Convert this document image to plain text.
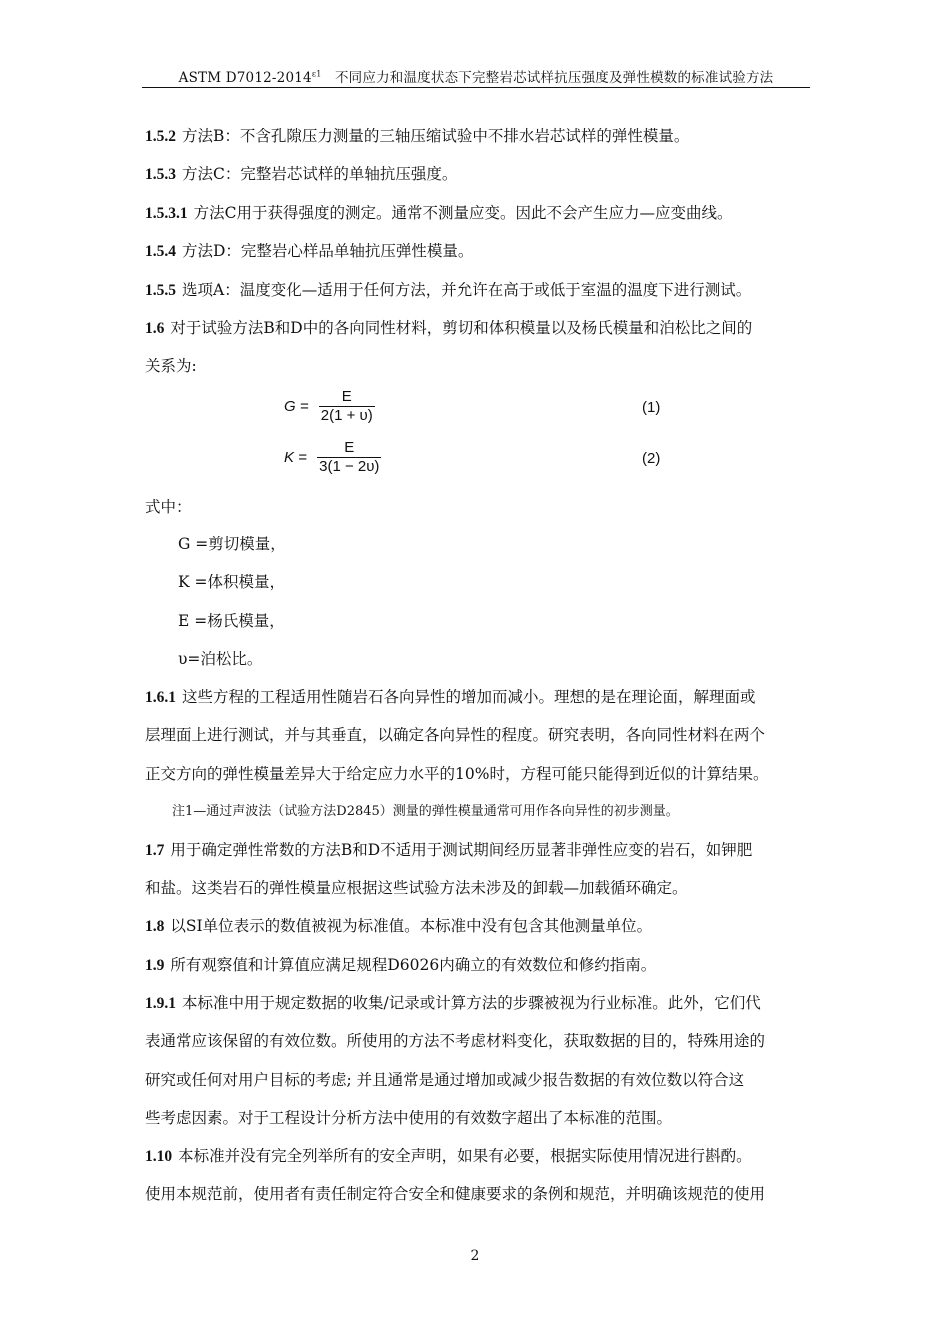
ASTM $D7012-2014^{\varepsilon 1}$ 不同应力和温度状态下完整岩芯试样抗压强度及弹性模数的标准试验方法
1.5.2 方法B：不含孔隙压力测量的三轴压缩试验中不排水岩芯试样的弹性模量。
1.5.3 方法C：完整岩芯试样的单轴抗压强度。
1.5.3.1 方法C用于获得强度的测定。通常不测量应变。因此不会产生应力—应变曲线。
1.5.4 方法D：完整岩心样品单轴抗压弹性模量。
1.5.5 选项A：温度变化—适用于任何方法，并允许在高于或低于室温的温度下进行测试。
1.6 对于试验方法B和D中的各向同性材料，剪切和体积模量以及杨氏模量和泊松比之间的
关系为:
$G = \frac{E}{2(1 + \upsilon)}$	(1)
$K = \frac{E}{3(1 - 2\upsilon)}$	(2)
式中：
G =剪切模量，
K =体积模量，
E =杨氏模量，
υ=泊松比。
1.6.1 这些方程的工程适用性随岩石各向异性的增加而减小。理想的是在理论面，解理面或
层理面上进行测试，并与其垂直，以确定各向异性的程度。研究表明，各向同性材料在两个
正交方向的弹性模量差异大于给定应力水平的10%时，方程可能只能得到近似的计算结果。
注1—通过声波法（试验方法D2845）测量的弹性模量通常可用作各向异性的初步测量。
1.7 用于确定弹性常数的方法B和D不适用于测试期间经历显著非弹性应变的岩石，如钾肥
和盐。这类岩石的弹性模量应根据这些试验方法未涉及的卸载—加载循环确定。
1.8 以SI单位表示的数值被视为标准值。本标准中没有包含其他测量单位。
1.9 所有观察值和计算值应满足规程D6026内确立的有效数位和修约指南。
1.9.1 本标准中用于规定数据的收集/记录或计算方法的步骤被视为行业标准。此外，它们代
表通常应该保留的有效位数。所使用的方法不考虑材料变化，获取数据的目的，特殊用途的
研究或任何对用户目标的考虑; 并且通常是通过增加或减少报告数据的有效位数以符合这
些考虑因素。对于工程设计分析方法中使用的有效数字超出了本标准的范围。
1.10 本标准并没有完全列举所有的安全声明，如果有必要，根据实际使用情况进行斟酌。
使用本规范前，使用者有责任制定符合安全和健康要求的条例和规范，并明确该规范的使用
2
